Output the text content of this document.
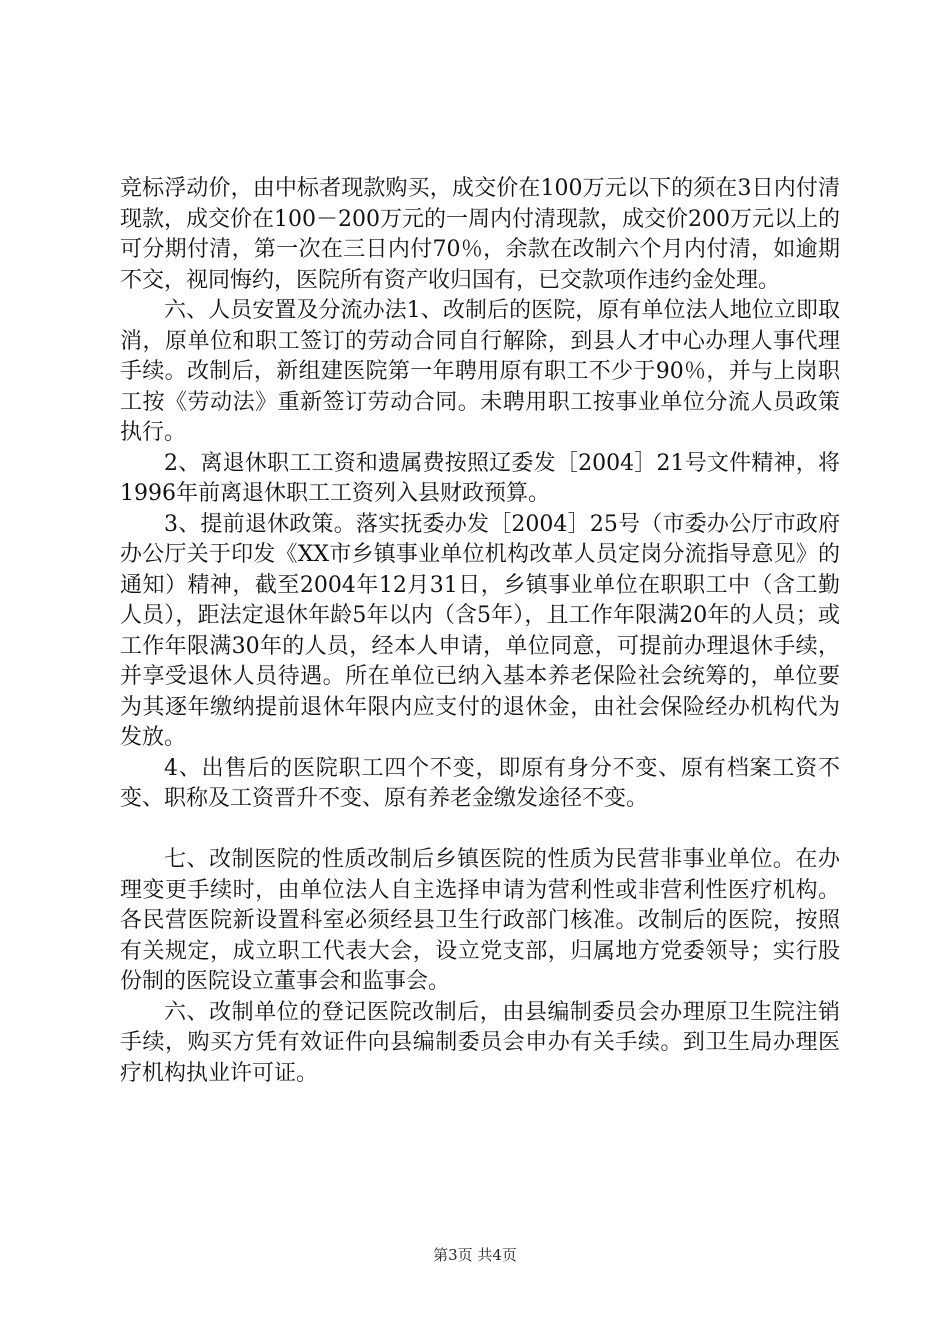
竞标浮动价，由中标者现款购买，成交价在100万元以下的须在3日内付清现款，成交价在100－200万元的一周内付清现款，成交价200万元以上的可分期付清，第一次在三日内付70％，余款在改制六个月内付清，如逾期不交，视同悔约，医院所有资产收归国有，已交款项作违约金处理。

六、人员安置及分流办法1、改制后的医院，原有单位法人地位立即取消，原单位和职工签订的劳动合同自行解除，到县人才中心办理人事代理手续。改制后，新组建医院第一年聘用原有职工不少于90％，并与上岗职工按《劳动法》重新签订劳动合同。未聘用职工按事业单位分流人员政策执行。

2、离退休职工工资和遗属费按照辽委发［2004］21号文件精神，将1996年前离退休职工工资列入县财政预算。

3、提前退休政策。落实抚委办发［2004］25号（市委办公厅市政府办公厅关于印发《XX市乡镇事业单位机构改革人员定岗分流指导意见》的通知）精神，截至2004年12月31日，乡镇事业单位在职职工中（含工勤人员），距法定退休年龄5年以内（含5年），且工作年限满20年的人员；或工作年限满30年的人员，经本人申请，单位同意，可提前办理退休手续，并享受退休人员待遇。所在单位已纳入基本养老保险社会统筹的，单位要为其逐年缴纳提前退休年限内应支付的退休金，由社会保险经办机构代为发放。

4、出售后的医院职工四个不变，即原有身分不变、原有档案工资不变、职称及工资晋升不变、原有养老金缴发途径不变。

七、改制医院的性质改制后乡镇医院的性质为民营非事业单位。在办理变更手续时，由单位法人自主选择申请为营利性或非营利性医疗机构。各民营医院新设置科室必须经县卫生行政部门核准。改制后的医院，按照有关规定，成立职工代表大会，设立党支部，归属地方党委领导；实行股份制的医院设立董事会和监事会。

六、改制单位的登记医院改制后，由县编制委员会办理原卫生院注销手续，购买方凭有效证件向县编制委员会申办有关手续。到卫生局办理医疗机构执业许可证。

第3页 共4页
